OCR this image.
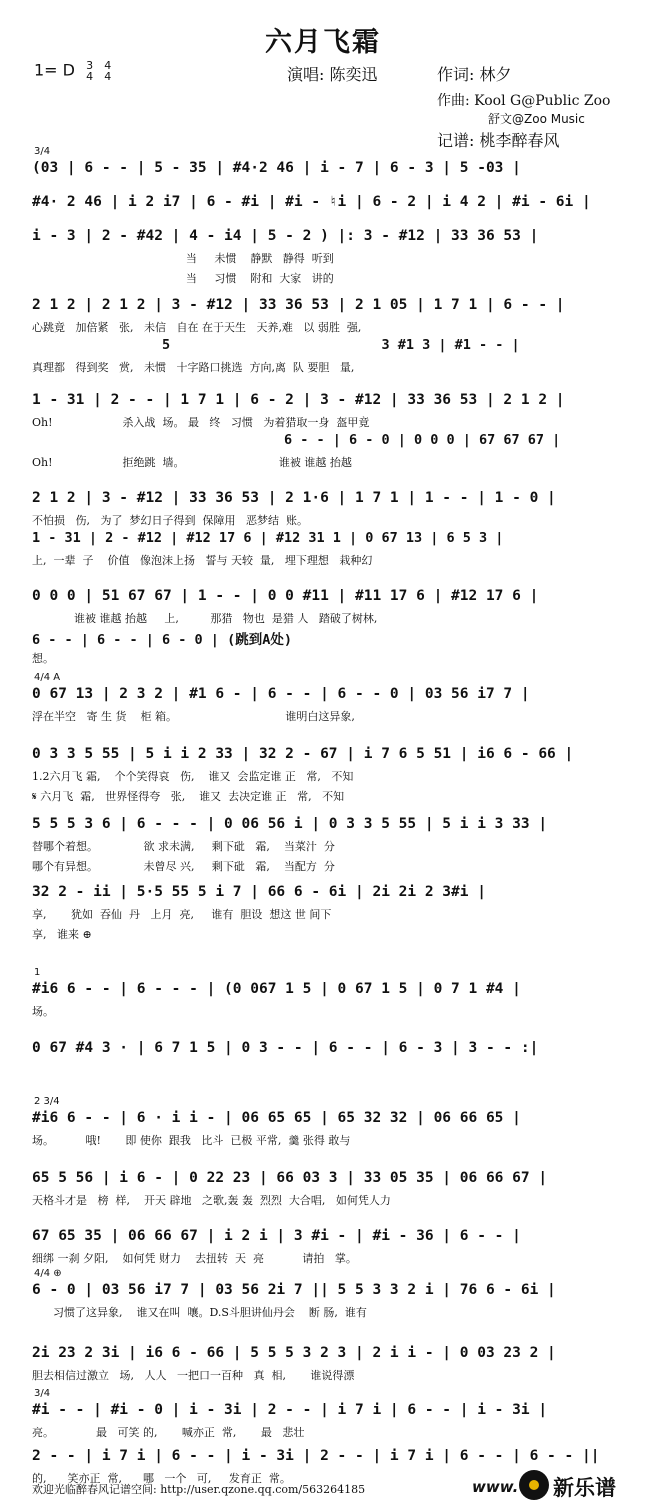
六月飞霜
1= D 3
4

4
4	演唱: 陈奕迅	作词: 林夕
作曲: Kool G@Public Zoo
舒文@Zoo Music
记谱: 桃李醉春风
3/4
(03 | 6 - - | 5 - 35 | #4·2 46 | i - 7 | 6 - 3 | 5 -03 |
#4· 2 46 | i 2 i7 | 6 - #i | #i - ♮i | 6 - 2 | i 4 2 | #i - 6i |
i - 3 | 2 - #42 | 4 - i4 | 5 - 2 ) |: 3 - #12 | 33 36 53 |
当     未惯    静默   静得  听到
当     习惯    附和  大家   讲的
2 1 2 | 2 1 2 | 3 - #12 | 33 36 53 | 2 1 05 | 1 7 1 | 6 - - |
心跳竟   加倍紧   张,   未信   自在 在于天生   天养,难   以 弱胜  强,
真理都   得到奖   赏,   未惯   十字路口挑选  方向,离  队 要胆   量,
5                          3 #1 3 | #1 - - |
1 - 31 | 2 - - | 1 7 1 | 6 - 2 | 3 - #12 | 33 36 53 | 2 1 2 |
Oh!                    杀入战  场。 最   终   习惯   为着猎取一身  盔甲竟
Oh!                    拒绝跳  墙。                           谁被 谁越 抬越
6 - - | 6 - 0 | 0 0 0 | 67 67 67 |
2 1 2 | 3 - #12 | 33 36 53 | 2 1·6 | 1 7 1 | 1 - - | 1 - 0 |
不怕损   伤,   为了  梦幻日子得到  保障用   恶梦结  账。
上,  一辈  子    价值   像泡沫上扬   誓与 天较  量,   埋下理想   栽种幻
1 - 31 | 2 - #12 | #12 17 6 | #12 31 1 | 0 67 13 | 6 5 3 |
0 0 0 | 51 67 67 | 1 - - | 0 0 #11 | #11 17 6 | #12 17 6 |
谁被 谁越 抬越     上,         那猎   物也  是猎 人   踏破了树林,
想。
6 - - | 6 - - | 6 - 0 | (跳到A处)
4/4 A
0 67 13 | 2 3 2 | #1 6 - | 6 - - | 6 - - 0 | 03 56 i7 7 |
浮在半空   寄 生 货    柜 箱。                               谁明白这异象,
0 3 3 5 55 | 5 i i 2 33 | 32 2 - 67 | i 7 6 5 51 | i6 6 - 66 |
1.2六月飞 霜,    个个笑得哀   伤,    谁又  会监定谁 正   常,   不知
𝄋 六月飞  霜,   世界怪得夸   张,    谁又  去决定谁 正   常,   不知
5 5 5 3 6 | 6 - - - | 0 06 56 i | 0 3 3 5 55 | 5 i i 3 33 |
替哪个着想。             欲 求未满,     剩下砒   霜,    当菜汁  分
哪个有异想。             未曾尽 兴,     剩下砒   霜,    当配方  分
32 2 - ii | 5·5 55 5 i 7 | 66 6 - 6i | 2i 2i 2 3#i |
享,       犹如  吞仙  丹   上月  亮,     谁有  胆设  想这 世 间下
享,   谁来 ⊕
1
#i6 6 - - | 6 - - - | (0 067 1 5 | 0 67 1 5 | 0 7 1 #4 |
场。
0 67 #4 3 · | 6 7 1 5 | 0 3 - - | 6 - - | 6 - 3 | 3 - - :|
2 3/4
#i6 6 - - | 6 · i i - | 06 65 65 | 65 32 32 | 06 66 65 |
场。         哦!       即 使你  跟我   比斗  已极 平常,  羹 张得 敢与
65 5 56 | i 6 - | 0 22 23 | 66 03 3 | 33 05 35 | 06 66 67 |
天格斗才是   榜  样,    开天 辟地   之歌,轰 轰  烈烈  大合唱,   如何凭人力
67 65 35 | 06 66 67 | i 2 i | 3 #i - | #i - 36 | 6 - - |
细绑 一刹 夕阳,    如何凭 财力    去扭转  天  亮           请拍   掌。
4/4 ⊕
6 - 0 | 03 56 i7 7 | 03 56 2i 7 || 5 5 3 3 2 i | 76 6 - 6i |
习惯了这异象,    谁又在叫  嚷。D.S斗胆讲仙丹会    断 肠,  谁有
2i 23 2 3i | i6 6 - 66 | 5 5 5 3 2 3 | 2 i i - | 0 03 23 2 |
胆去相信过激立   场,   人人   一把口一百种   真  相,       谁说得漂
3/4
#i - - | #i - 0 | i - 3i | 2 - - | i 7 i | 6 - - | i - 3i |
亮。            最   可笑 的,       喊亦正  常,       最   悲壮
2 - - | i 7 i | 6 - - | i - 3i | 2 - - | i 7 i | 6 - - | 6 - - ||
的,      笑亦正  常,      哪   一个   可,     发育正  常。
欢迎光临醉春风记谱空间: http://user.qzone.qq.com/563264185	www. 新乐谱
